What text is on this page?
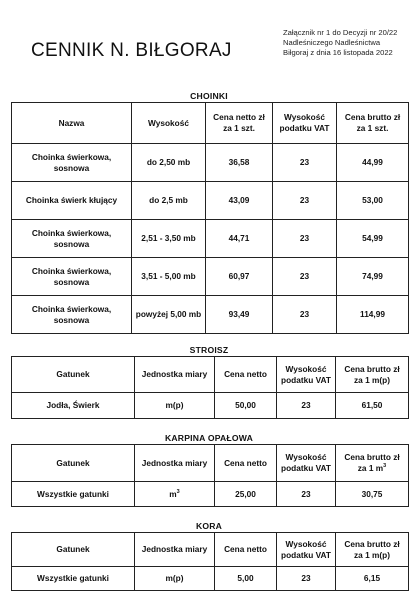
CENNIK N. BIŁGORAJ
Załącznik nr 1 do Decyzji nr 20/22
Nadleśniczego Nadleśnictwa
Biłgoraj z dnia 16 listopada 2022
CHOINKI
Nazwa	Wysokość	Cena netto zł za 1 szt.	Wysokość podatku VAT	Cena brutto zł za 1 szt.
Choinka świerkowa, sosnowa	do 2,50 mb	36,58	23	44,99
Choinka świerk kłujący	do 2,5 mb	43,09	23	53,00
Choinka świerkowa, sosnowa	2,51 - 3,50 mb	44,71	23	54,99
Choinka świerkowa, sosnowa	3,51 - 5,00 mb	60,97	23	74,99
Choinka świerkowa, sosnowa	powyżej 5,00 mb	93,49	23	114,99
STROISZ
Gatunek	Jednostka miary	Cena netto	Wysokość podatku VAT	Cena brutto zł za 1 m(p)
Jodła, Świerk	m(p)	50,00	23	61,50
KARPINA OPAŁOWA
Gatunek	Jednostka miary	Cena netto	Wysokość podatku VAT	Cena brutto zł za 1 $m^3$
Wszystkie gatunki	$m^3$	25,00	23	30,75
KORA
Gatunek	Jednostka miary	Cena netto	Wysokość podatku VAT	Cena brutto zł za 1 m(p)
Wszystkie gatunki	m(p)	5,00	23	6,15
